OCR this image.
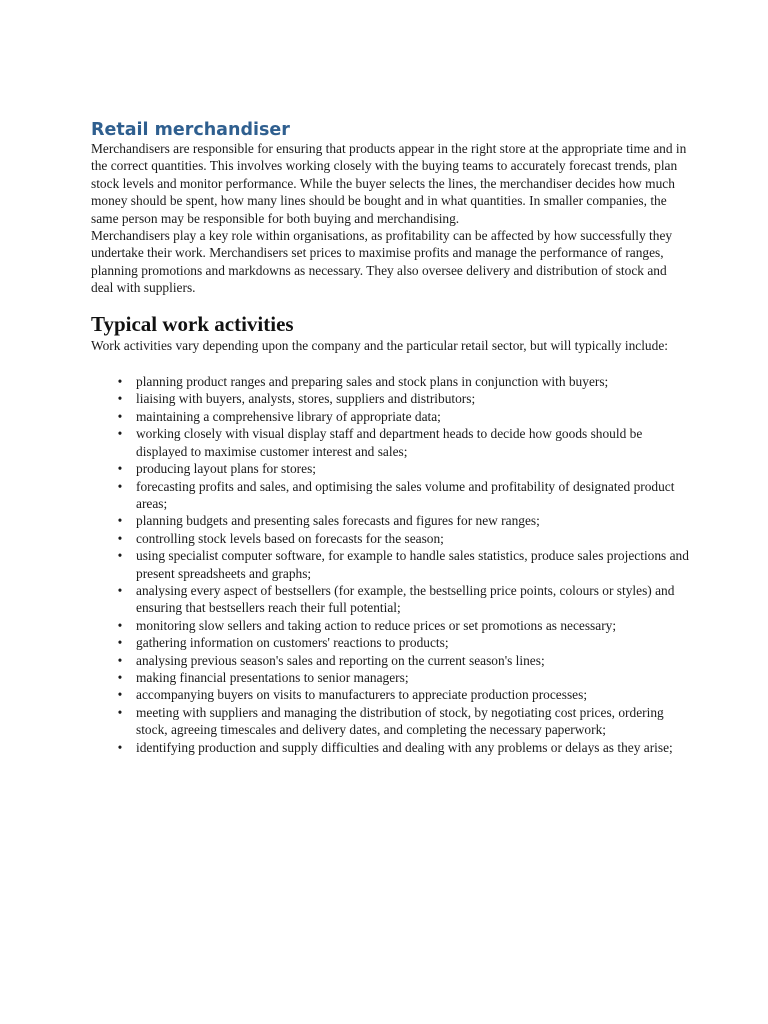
Retail merchandiser

Merchandisers are responsible for ensuring that products appear in the right store at the appropriate time and in the correct quantities. This involves working closely with the buying teams to accurately forecast trends, plan stock levels and monitor performance. While the buyer selects the lines, the merchandiser decides how much money should be spent, how many lines should be bought and in what quantities. In smaller companies, the same person may be responsible for both buying and merchandising.

Merchandisers play a key role within organisations, as profitability can be affected by how successfully they undertake their work. Merchandisers set prices to maximise profits and manage the performance of ranges, planning promotions and markdowns as necessary. They also oversee delivery and distribution of stock and deal with suppliers.

Typical work activities

Work activities vary depending upon the company and the particular retail sector, but will typically include:

• planning product ranges and preparing sales and stock plans in conjunction with buyers;
• liaising with buyers, analysts, stores, suppliers and distributors;
• maintaining a comprehensive library of appropriate data;
• working closely with visual display staff and department heads to decide how goods should be displayed to maximise customer interest and sales;
• producing layout plans for stores;
• forecasting profits and sales, and optimising the sales volume and profitability of designated product areas;
• planning budgets and presenting sales forecasts and figures for new ranges;
• controlling stock levels based on forecasts for the season;
• using specialist computer software, for example to handle sales statistics, produce sales projections and present spreadsheets and graphs;
• analysing every aspect of bestsellers (for example, the bestselling price points, colours or styles) and ensuring that bestsellers reach their full potential;
• monitoring slow sellers and taking action to reduce prices or set promotions as necessary;
• gathering information on customers' reactions to products;
• analysing previous season's sales and reporting on the current season's lines;
• making financial presentations to senior managers;
• accompanying buyers on visits to manufacturers to appreciate production processes;
• meeting with suppliers and managing the distribution of stock, by negotiating cost prices, ordering stock, agreeing timescales and delivery dates, and completing the necessary paperwork;
• identifying production and supply difficulties and dealing with any problems or delays as they arise;
